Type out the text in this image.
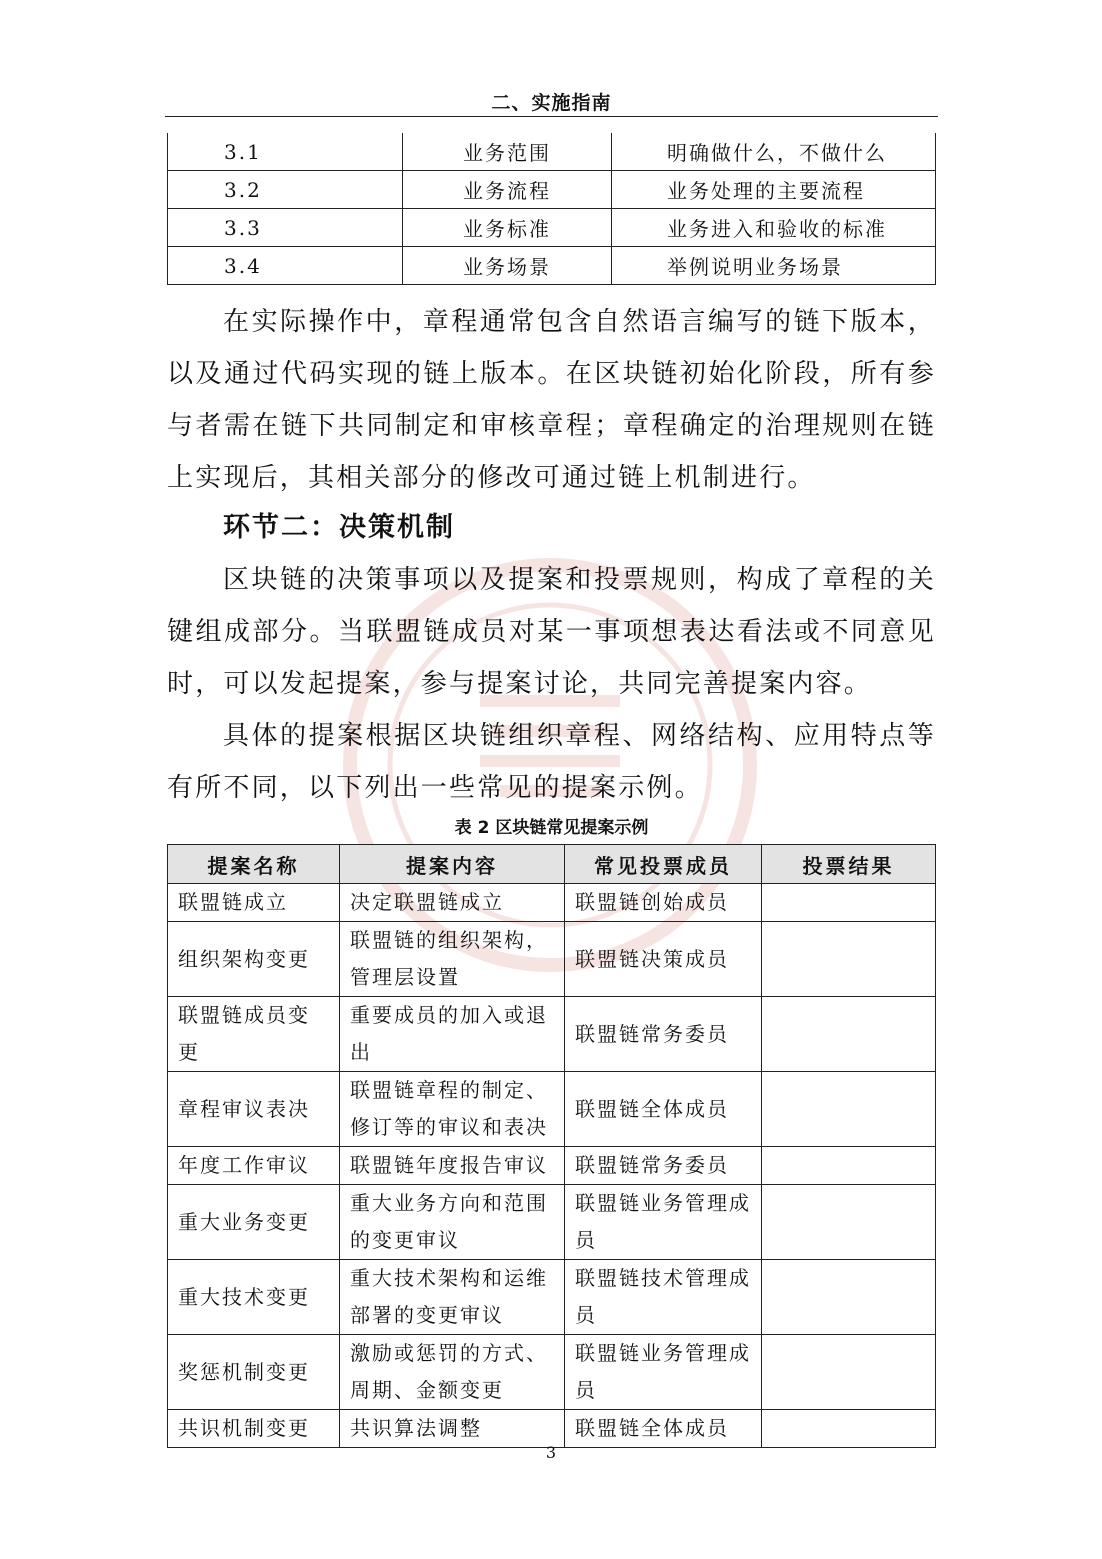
二、实施指南
3.1	业务范围	明确做什么，不做什么
3.2	业务流程	业务处理的主要流程
3.3	业务标准	业务进入和验收的标准
3.4	业务场景	举例说明业务场景

在实际操作中，章程通常包含自然语言编写的链下版本，以及通过代码实现的链上版本。在区块链初始化阶段，所有参与者需在链下共同制定和审核章程；章程确定的治理规则在链上实现后，其相关部分的修改可通过链上机制进行。

环节二：决策机制

区块链的决策事项以及提案和投票规则，构成了章程的关键组成部分。当联盟链成员对某一事项想表达看法或不同意见时，可以发起提案，参与提案讨论，共同完善提案内容。

具体的提案根据区块链组织章程、网络结构、应用特点等有所不同，以下列出一些常见的提案示例。

表 2 区块链常见提案示例
提案名称	提案内容	常见投票成员	投票结果
联盟链成立	决定联盟链成立	联盟链创始成员	
组织架构变更	联盟链的组织架构，管理层设置	联盟链决策成员	
联盟链成员变更	重要成员的加入或退出	联盟链常务委员	
章程审议表决	联盟链章程的制定、修订等的审议和表决	联盟链全体成员	
年度工作审议	联盟链年度报告审议	联盟链常务委员	
重大业务变更	重大业务方向和范围的变更审议	联盟链业务管理成员	
重大技术变更	重大技术架构和运维部署的变更审议	联盟链技术管理成员	
奖惩机制变更	激励或惩罚的方式、周期、金额变更	联盟链业务管理成员	
共识机制变更	共识算法调整	联盟链全体成员	
3
